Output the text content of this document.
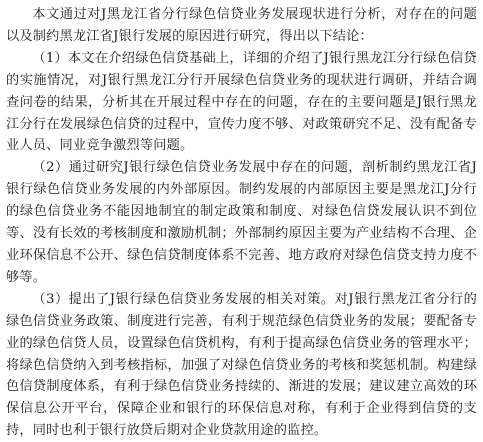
本文通过对J黑龙江省分行绿色信贷业务发展现状进行分析，对存在的问题以及制约黑龙江省J银行发展的原因进行研究，得出以下结论：

（1）本文在介绍绿色信贷基础上，详细的介绍了J银行黑龙江分行绿色信贷的实施情况，对J银行黑龙江分行开展绿色信贷业务的现状进行调研，并结合调查问卷的结果，分析其在开展过程中存在的问题，存在的主要问题是J银行黑龙江分行在发展绿色信贷的过程中，宣传力度不够、对政策研究不足、没有配备专业人员、同业竞争激烈等问题。

（2）通过研究J银行绿色信贷业务发展中存在的问题，剖析制约黑龙江省J银行绿色信贷业务发展的内外部原因。制约发展的内部原因主要是黑龙江J分行的绿色信贷业务不能因地制宜的制定政策和制度、对绿色信贷发展认识不到位等、没有长效的考核制度和激励机制；外部制约原因主要为产业结构不合理、企业环保信息不公开、绿色信贷制度体系不完善、地方政府对绿色信贷支持力度不够等。

（3）提出了J银行绿色信贷业务发展的相关对策。对J银行黑龙江省分行的绿色信贷业务政策、制度进行完善，有利于规范绿色信贷业务的发展；要配备专业的绿色信贷人员，设置绿色信贷机构，有利于提高绿色信贷业务的管理水平；将绿色信贷纳入到考核指标，加强了对绿色信贷业务的考核和奖惩机制。构建绿色信贷制度体系，有利于绿色信贷业务持续的、渐进的发展；建议建立高效的环保信息公开平台，保障企业和银行的环保信息对称，有利于企业得到信贷的支持，同时也利于银行放贷后期对企业贷款用途的监控。
